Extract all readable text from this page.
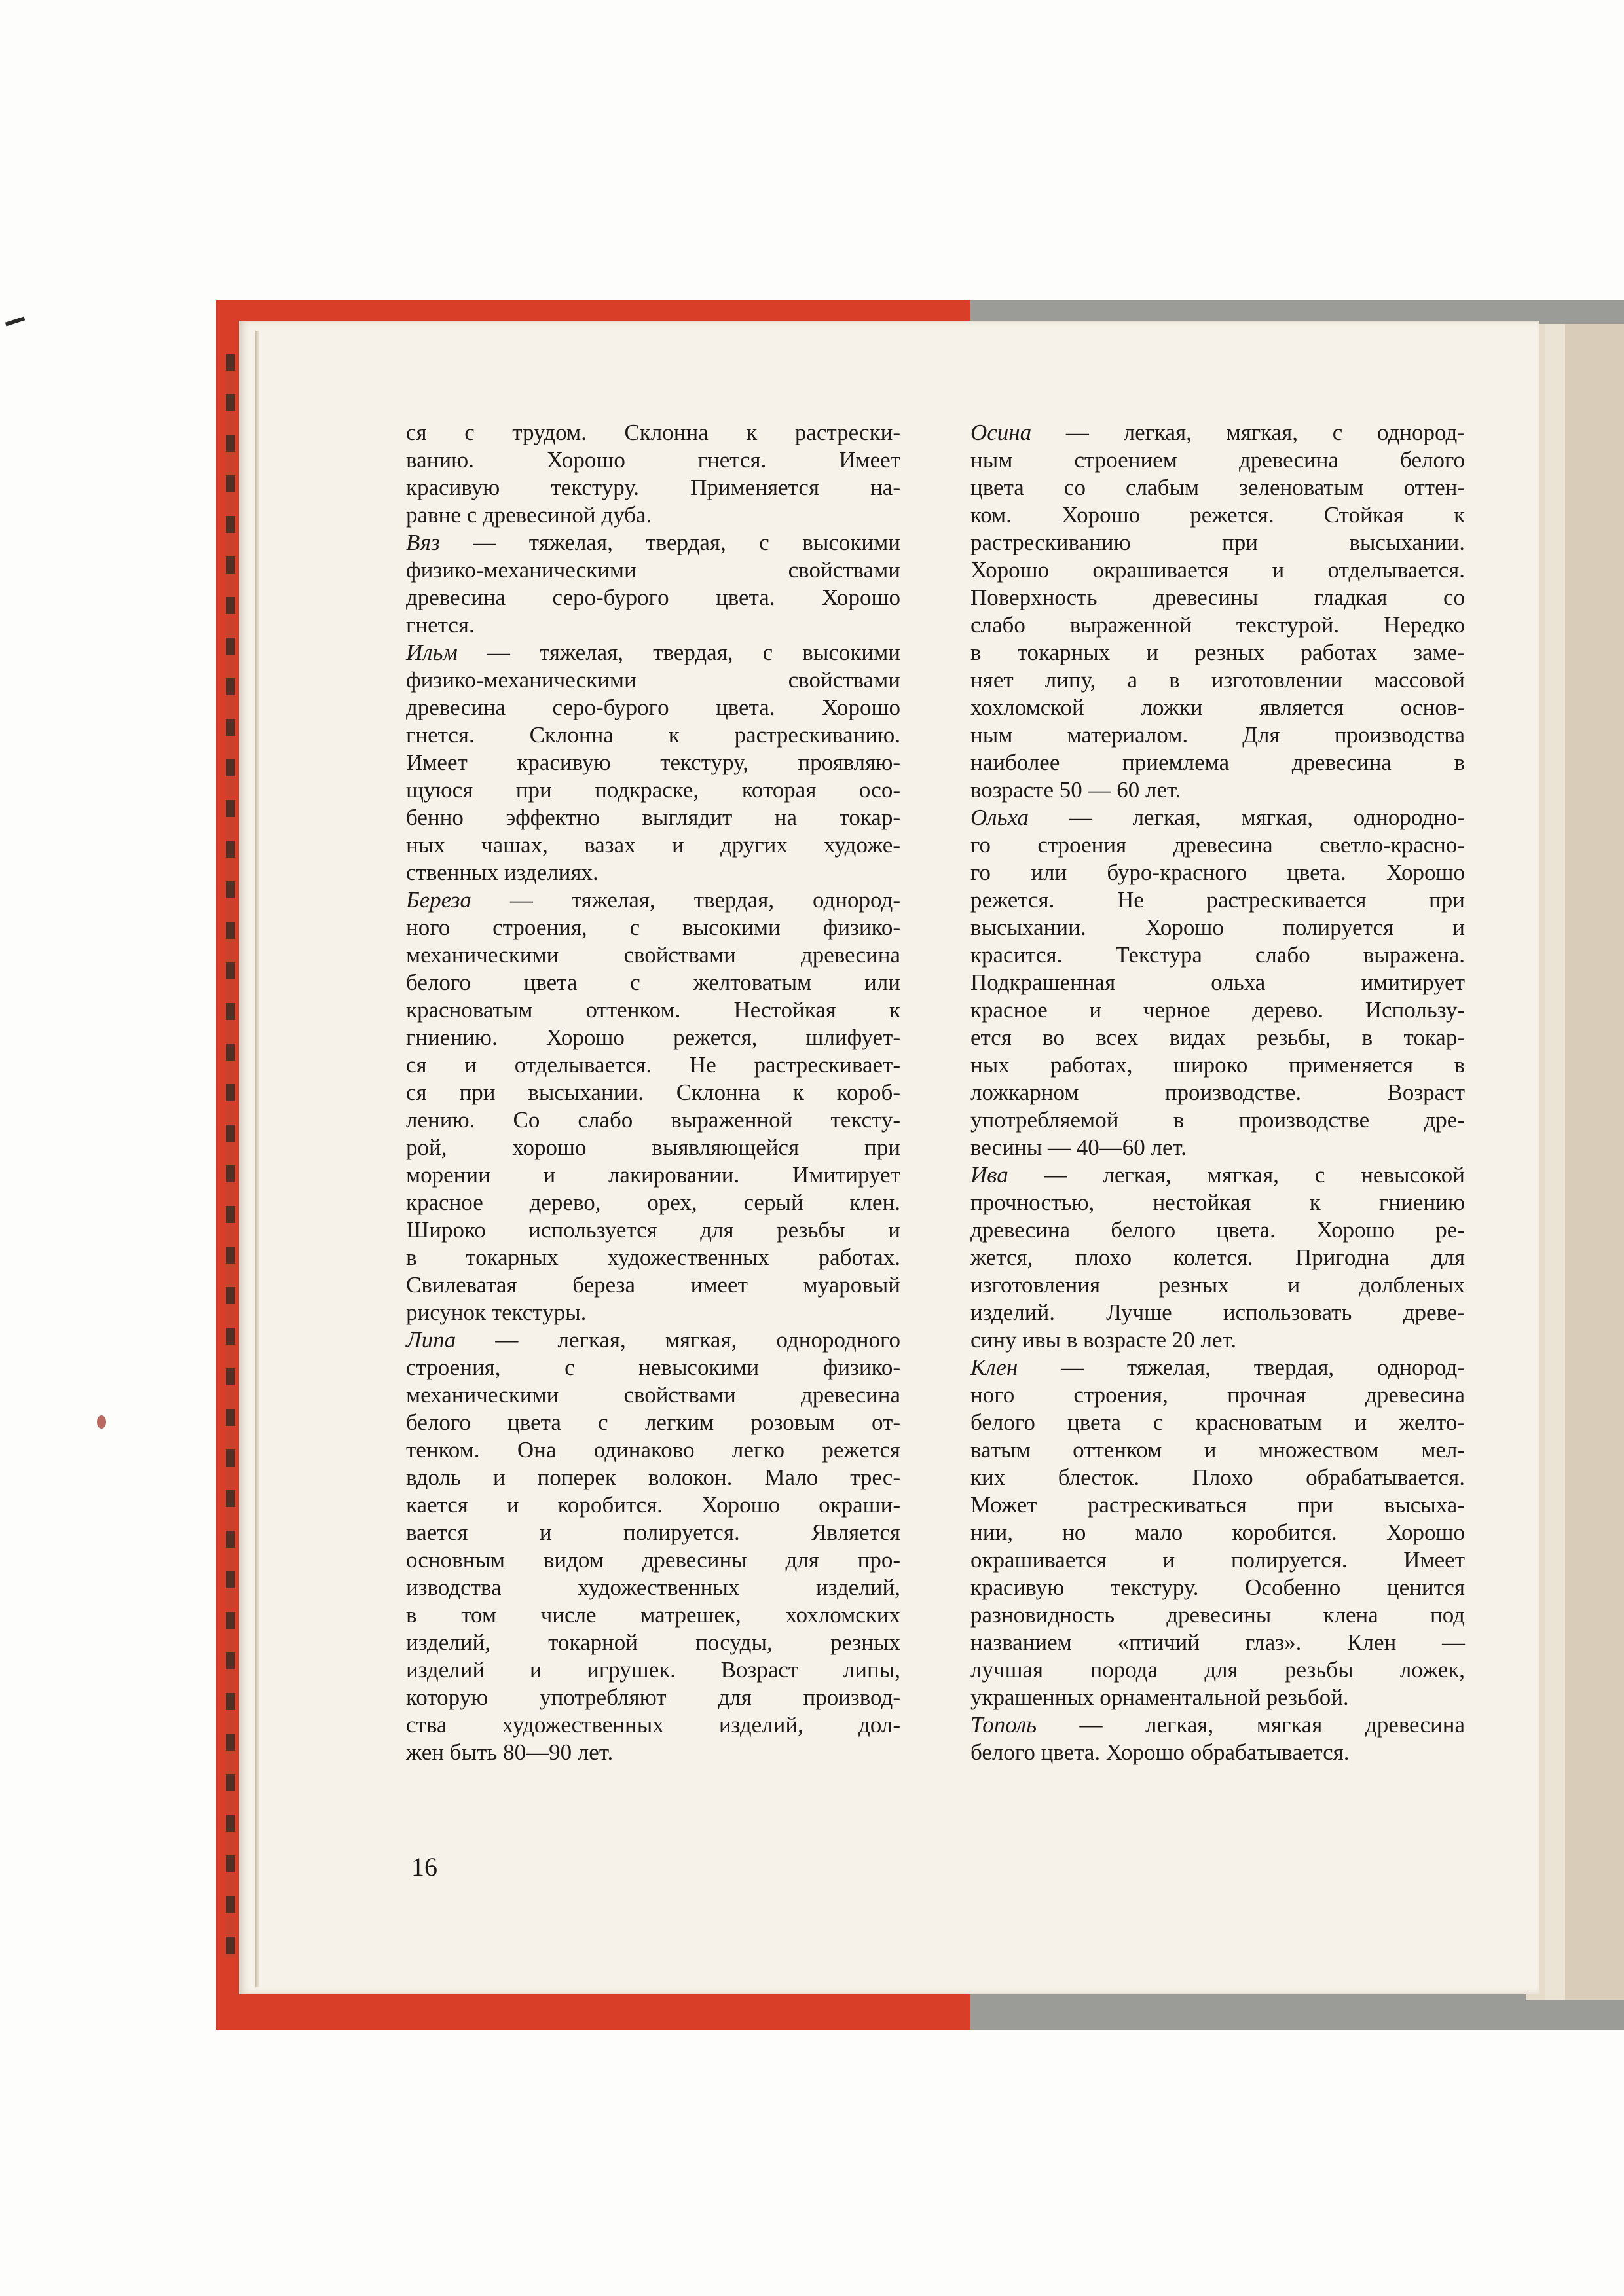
ся с трудом. Склонна к растрески-
ванию. Хорошо гнется. Имеет
красивую текстуру. Применяется на-
равне с древесиной дуба.
Вяз — тяжелая, твердая, с высокими
физико-механическими свойствами
древесина серо-бурого цвета. Хорошо
гнется.
Ильм — тяжелая, твердая, с высокими
физико-механическими свойствами
древесина серо-бурого цвета. Хорошо
гнется. Склонна к растрескиванию.
Имеет красивую текстуру, проявляю-
щуюся при подкраске, которая осо-
бенно эффектно выглядит на токар-
ных чашах, вазах и других художе-
ственных изделиях.
Береза — тяжелая, твердая, однород-
ного строения, с высокими физико-
механическими свойствами древесина
белого цвета с желтоватым или
красноватым оттенком. Нестойкая к
гниению. Хорошо режется, шлифует-
ся и отделывается. Не растрескивает-
ся при высыхании. Склонна к короб-
лению. Со слабо выраженной тексту-
рой, хорошо выявляющейся при
морении и лакировании. Имитирует
красное дерево, орех, серый клен.
Широко используется для резьбы и
в токарных художественных работах.
Свилеватая береза имеет муаровый
рисунок текстуры.
Липа — легкая, мягкая, однородного
строения, с невысокими физико-
механическими свойствами древесина
белого цвета с легким розовым от-
тенком. Она одинаково легко режется
вдоль и поперек волокон. Мало трес-
кается и коробится. Хорошо окраши-
вается и полируется. Является
основным видом древесины для про-
изводства художественных изделий,
в том числе матрешек, хохломских
изделий, токарной посуды, резных
изделий и игрушек. Возраст липы,
которую употребляют для производ-
ства художественных изделий, дол-
жен быть 80—90 лет.
Осина — легкая, мягкая, с однород-
ным строением древесина белого
цвета со слабым зеленоватым оттен-
ком. Хорошо режется. Стойкая к
растрескиванию при высыхании.
Хорошо окрашивается и отделывается.
Поверхность древесины гладкая со
слабо выраженной текстурой. Нередко
в токарных и резных работах заме-
няет липу, а в изготовлении массовой
хохломской ложки является основ-
ным материалом. Для производства
наиболее приемлема древесина в
возрасте 50 — 60 лет.
Ольха — легкая, мягкая, однородно-
го строения древесина светло-красно-
го или буро-красного цвета. Хорошо
режется. Не растрескивается при
высыхании. Хорошо полируется и
красится. Текстура слабо выражена.
Подкрашенная ольха имитирует
красное и черное дерево. Использу-
ется во всех видах резьбы, в токар-
ных работах, широко применяется в
ложкарном производстве. Возраст
употребляемой в производстве дре-
весины — 40—60 лет.
Ива — легкая, мягкая, с невысокой
прочностью, нестойкая к гниению
древесина белого цвета. Хорошо ре-
жется, плохо колется. Пригодна для
изготовления резных и долбленых
изделий. Лучше использовать древе-
сину ивы в возрасте 20 лет.
Клен — тяжелая, твердая, однород-
ного строения, прочная древесина
белого цвета с красноватым и желто-
ватым оттенком и множеством мел-
ких блесток. Плохо обрабатывается.
Может растрескиваться при высыха-
нии, но мало коробится. Хорошо
окрашивается и полируется. Имеет
красивую текстуру. Особенно ценится
разновидность древесины клена под
названием «птичий глаз». Клен —
лучшая порода для резьбы ложек,
украшенных орнаментальной резьбой.
Тополь — легкая, мягкая древесина
белого цвета. Хорошо обрабатывается.
16
